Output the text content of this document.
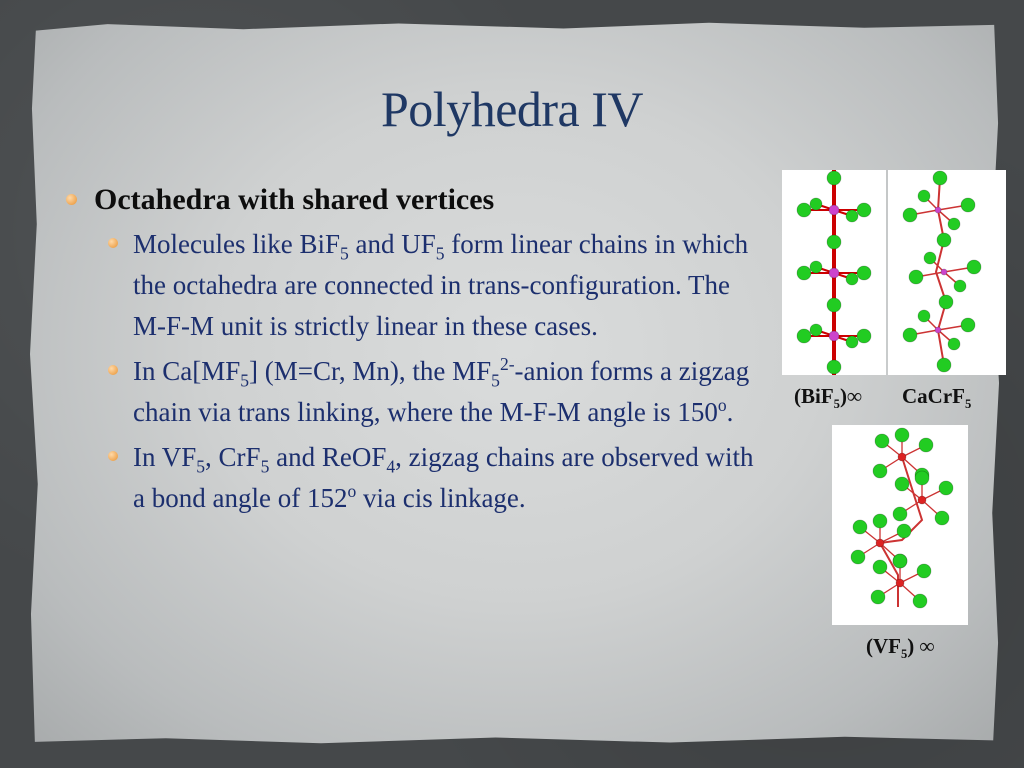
Polyhedra IV
Octahedra with shared vertices
Molecules like BiF$_5$ and $UF_5$ form linear chains in which the octahedra are connected in trans-configuration. The M-F-M unit is strictly linear in these cases.
In $Ca[MF_5]$ (M=Cr, Mn), the $MF_5^{2-}$-anion forms a zigzag chain via trans linking, where the M-F-M angle is 150$^o$.
In $VF_5$, CrF$_5$ and ReOF$_4$, zigzag chains are observed with a bond angle of 152$^o$ via cis linkage.
(BiF$_5$)∞ CaCrF$_5$
$(VF_5)$ ∞
